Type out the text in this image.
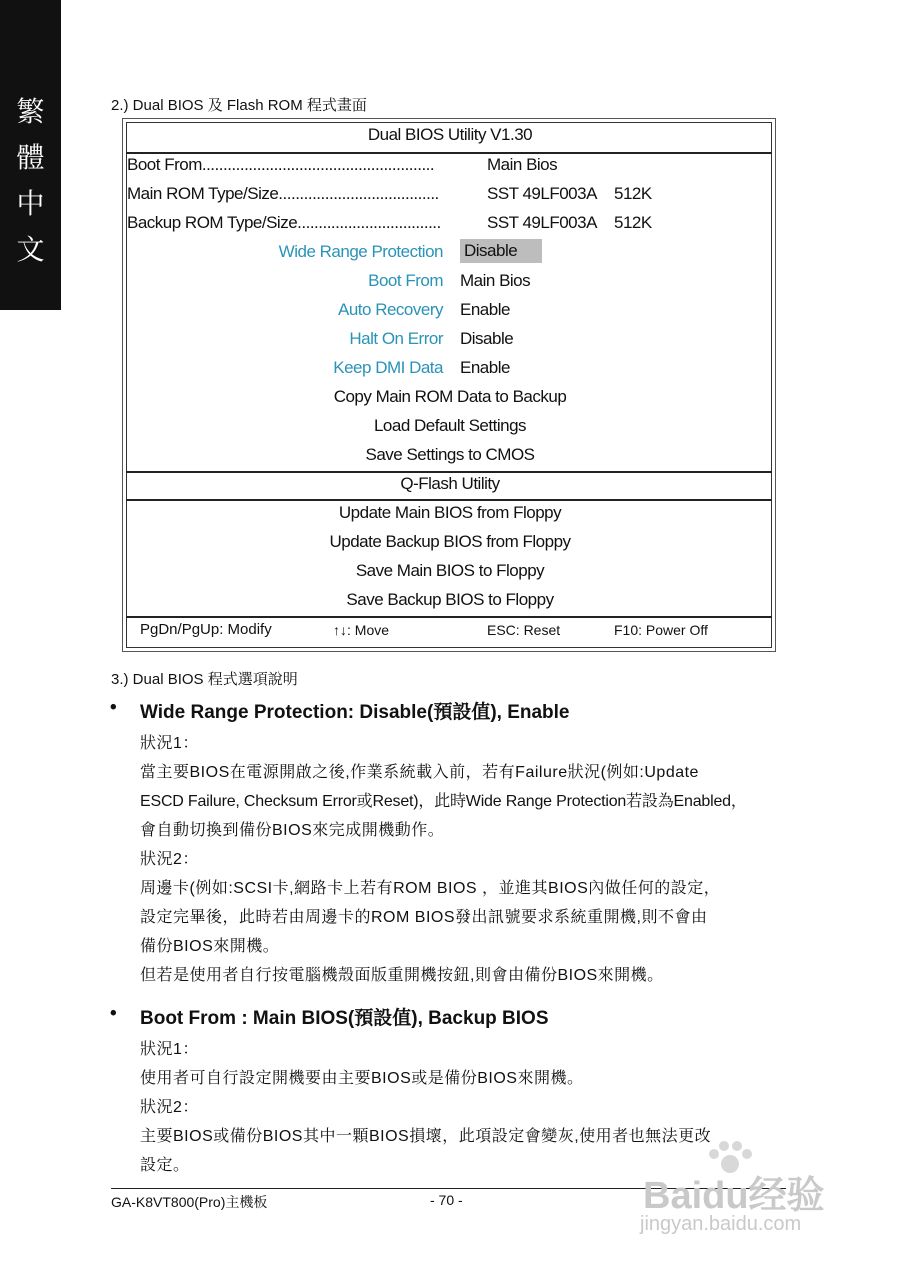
繁
體
中
文
2.) Dual BIOS 及 Flash ROM 程式畫面
Dual BIOS Utility V1.30
Boot From.......................................................	Main Bios
Main ROM Type/Size......................................	SST 49LF003A 512K
Backup ROM Type/Size..................................	SST 49LF003A 512K
Wide Range Protection Disable
Boot From Main Bios
Auto Recovery Enable
Halt On Error Disable
Keep DMI Data Enable
Copy Main ROM Data to Backup
Load Default Settings
Save Settings to CMOS
Q-Flash Utility
Update Main BIOS from Floppy
Update Backup BIOS from Floppy
Save Main BIOS to Floppy
Save Backup BIOS to Floppy
PgDn/PgUp: Modify	↑↓: Move	ESC: Reset	F10: Power Off
3.) Dual BIOS 程式選項說明
• Wide Range Protection: Disable(預設值), Enable
狀況1：
當主要BIOS在電源開啟之後,作業系統載入前，若有Failure狀況(例如:Update
ESCD Failure, Checksum Error或Reset)，此時Wide Range Protection若設為Enabled，
會自動切換到備份BIOS來完成開機動作。
狀況2：
周邊卡(例如:SCSI卡,網路卡上若有ROM BIOS ，並進其BIOS內做任何的設定，
設定完畢後，此時若由周邊卡的ROM BIOS發出訊號要求系統重開機,則不會由
備份BIOS來開機。
但若是使用者自行按電腦機殼面版重開機按鈕,則會由備份BIOS來開機。
• Boot From : Main BIOS(預設值), Backup BIOS
狀況1：
使用者可自行設定開機要由主要BIOS或是備份BIOS來開機。
狀況2：
主要BIOS或備份BIOS其中一顆BIOS損壞，此項設定會變灰,使用者也無法更改
設定。
GA-K8VT800(Pro)主機板	- 70 -	Baidu经验
jingyan.baidu.com
